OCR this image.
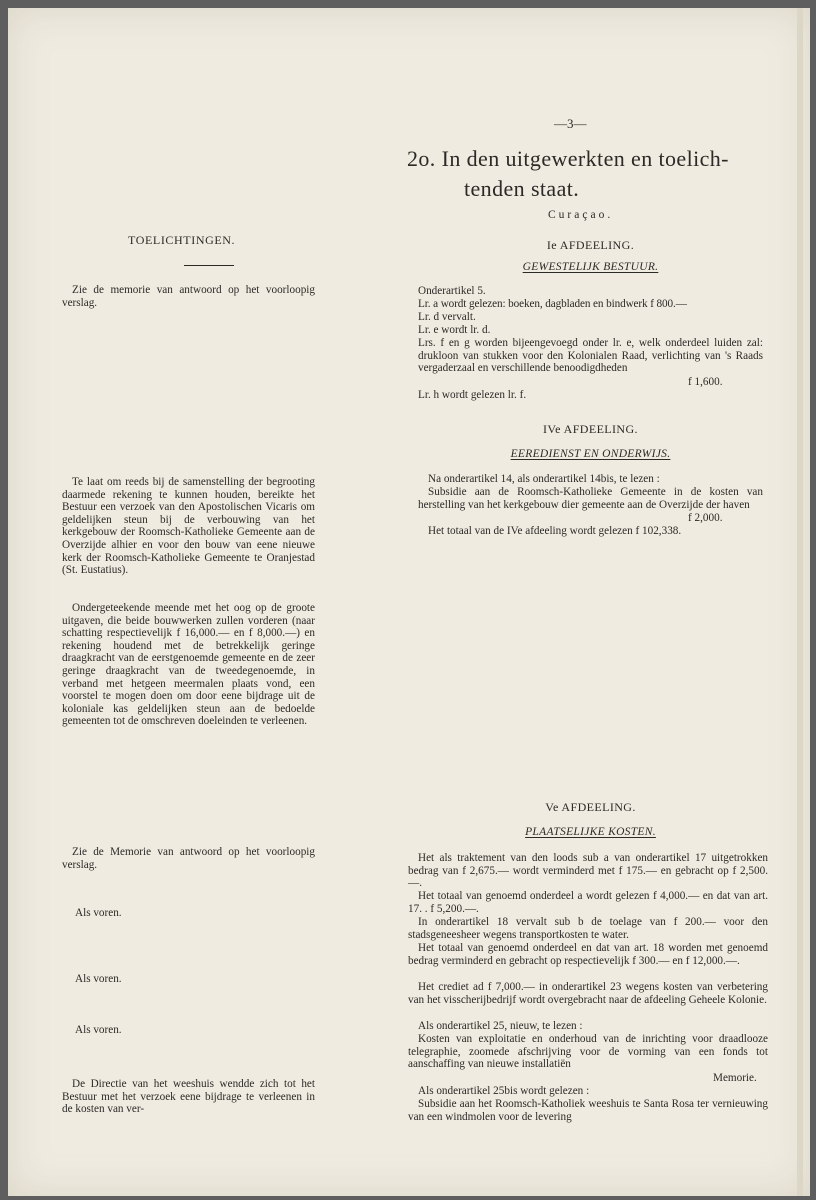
—3—
2o. In den uitgewerkten en toelich-
tenden staat.
TOELICHTINGEN.
Zie de memorie van antwoord op het voorloopig verslag.
Te laat om reeds bij de samenstelling der begrooting daarmede rekening te kunnen houden, bereikte het Bestuur een verzoek van den Apostolischen Vicaris om geldelijken steun bij de verbouwing van het kerkgebouw der Roomsch-Katholieke Gemeente aan de Overzijde alhier en voor den bouw van eene nieuwe kerk der Roomsch-Katholieke Gemeente te Oranjestad (St. Eustatius).
Ondergeteekende meende met het oog op de groote uitgaven, die beide bouwwerken zullen vorderen (naar schatting respectievelijk f 16,000.— en f 8,000.—) en rekening houdend met de betrekkelijk geringe draagkracht van de eerstgenoemde gemeente en de zeer geringe draagkracht van de tweedegenoemde, in verband met hetgeen meermalen plaats vond, een voorstel te mogen doen om door eene bijdrage uit de koloniale kas geldelijken steun aan de bedoelde gemeenten tot de omschreven doeleinden te verleenen.
Zie de Memorie van antwoord op het voorloopig verslag.
Als voren.
Als voren.
Als voren.
De Directie van het weeshuis wendde zich tot het Bestuur met het verzoek eene bijdrage te verleenen in de kosten van ver-
Curaçao.
Ie AFDEELING.
GEWESTELIJK BESTUUR.
Onderartikel 5.
Lr. a wordt gelezen: boeken, dagbladen en bindwerk f 800.—
Lr. d vervalt.
Lr. e wordt lr. d.
Lrs. f en g worden bijeengevoegd onder lr. e, welk onderdeel luiden zal: drukloon van stukken voor den Kolonialen Raad, verlichting van 's Raads vergaderzaal en verschillende benoodigdheden
Lr. h wordt gelezen lr. f.
f 1,600.
IVe AFDEELING.
EEREDIENST EN ONDERWIJS.
Na onderartikel 14, als onderartikel 14bis, te lezen :
Subsidie aan de Roomsch-Katholieke Gemeente in de kosten van herstelling van het kerkgebouw dier gemeente aan de Overzijde der haven
f 2,000.
Het totaal van de IVe afdeeling wordt gelezen f 102,338.
Ve AFDEELING.
PLAATSELIJKE KOSTEN.
Het als traktement van den loods sub a van onderartikel 17 uitgetrokken bedrag van f 2,675.— wordt verminderd met f 175.— en gebracht op f 2,500.—.
Het totaal van genoemd onderdeel a wordt gelezen f 4,000.— en dat van art. 17. . f 5,200.—.
In onderartikel 18 vervalt sub b de toelage van f 200.— voor den stadsgeneesheer wegens transportkosten te water.
Het totaal van genoemd onderdeel en dat van art. 18 worden met genoemd bedrag verminderd en gebracht op respectievelijk f 300.— en f 12,000.—.
Het crediet ad f 7,000.— in onderartikel 23 wegens kosten van verbetering van het visscherijbedrijf wordt overgebracht naar de afdeeling Geheele Kolonie.
Als onderartikel 25, nieuw, te lezen :
Kosten van exploitatie en onderhoud van de inrichting voor draadlooze telegraphie, zoomede afschrijving voor de vorming van een fonds tot aanschaffing van nieuwe installatiën
Memorie.
Als onderartikel 25bis wordt gelezen :
Subsidie aan het Roomsch-Katholiek weeshuis te Santa Rosa ter vernieuwing van een windmolen voor de levering
